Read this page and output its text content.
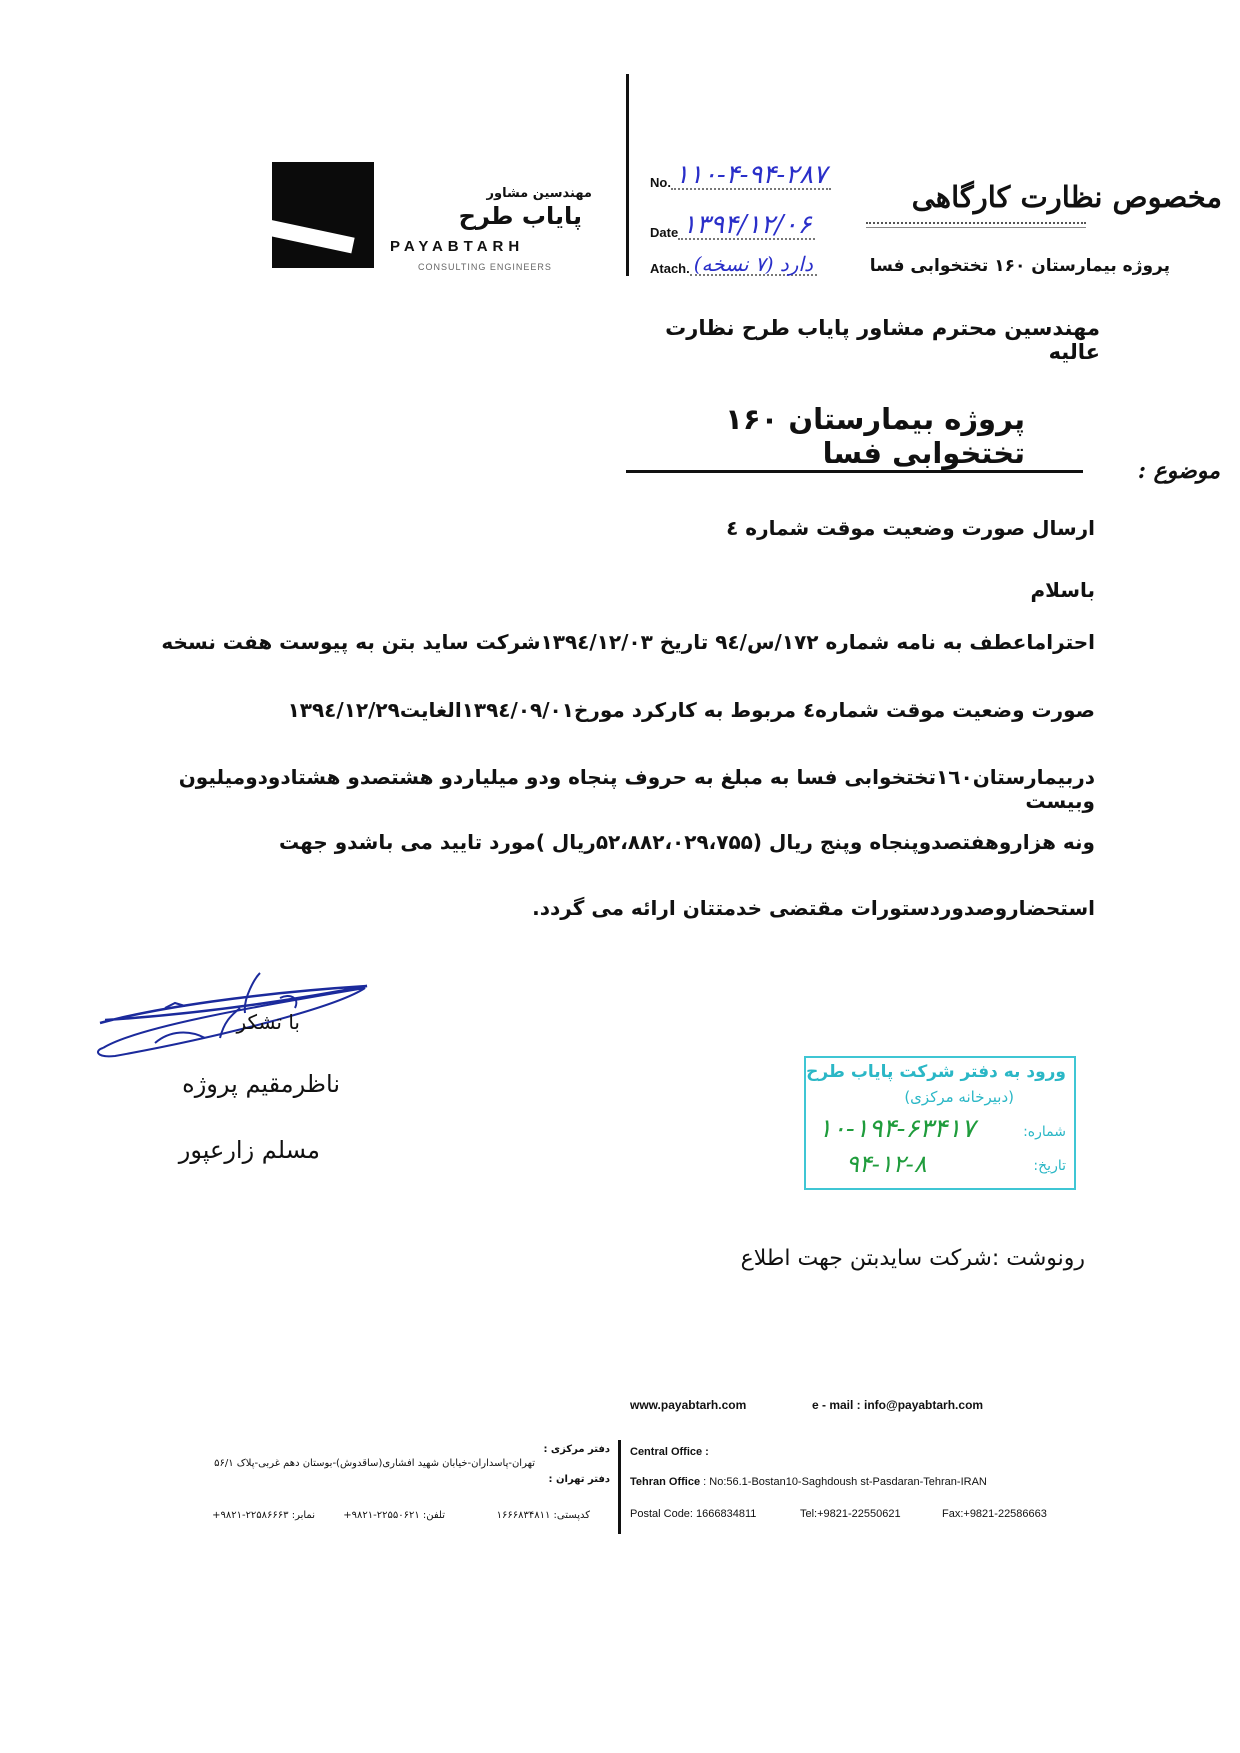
مهندسین مشاور
پایاب طرح
PAYABTARH
CONSULTING ENGINEERS
No. ۱۱۰-۴-۹۴-۲۸۷
Date ۱۳۹۴/۱۲/۰۶
Atach. دارد (۷ نسخه)
مخصوص نظارت کارگاهی
پروژه بیمارستان ۱۶۰ تختخوابی فسا
مهندسین محترم مشاور پایاب طرح نظارت عالیه
پروژه بیمارستان ۱۶۰ تختخوابی فسا
موضوع :
ارسال صورت وضعیت موقت شماره ٤
باسلام
احتراماعطف به نامه شماره ۱۷۲/س/۹٤ تاریخ ۱۳۹٤/۱۲/۰۳شرکت ساید بتن به پیوست هفت نسخه
صورت وضعیت موقت شماره٤ مربوط به کارکرد مورخ۱۳۹٤/۰۹/۰۱الغایت۱۳۹٤/۱۲/۲۹
دربیمارستان۱٦۰تختخوابی فسا به مبلغ به حروف پنجاه ودو میلیاردو هشتصدو هشتادودومیلیون وبیست
ونه هزاروهفتصدوپنجاه وپنج ریال (۵۲،۸۸۲،۰۲۹،۷۵۵ریال )مورد تایید می باشدو جهت
استحضاروصدوردستورات مقتضی خدمتتان ارائه می گردد.
با تشکر
ناظرمقیم پروژه
مسلم زارعپور
ورود به دفتر شرکت پایاب طرح
(دبیرخانه مرکزی)
شماره:
۱۰-۱۹۴-۶۳۴۱۷
تاریخ:
۹۴-۱۲-۸
رونوشت :شرکت سایدبتن جهت اطلاع
www.payabtarh.com	e - mail : info@payabtarh.com
Central Office :
Tehran Office : No:56.1-Bostan10-Saghdoush st-Pasdaran-Tehran-IRAN
Postal Code: 1666834811	Tel:+9821-22550621	Fax:+9821-22586663
دفتر مرکزی :
دفتر تهران :
تهران-پاسداران-خیابان شهید افشاری(ساقدوش)-بوستان دهم غربی-پلاک ۵۶/۱
کدپستی: ۱۶۶۶۸۳۴۸۱۱
تلفن: ۲۲۵۵۰۶۲۱-۹۸۲۱+
نمابر: ۲۲۵۸۶۶۶۳-۹۸۲۱+
